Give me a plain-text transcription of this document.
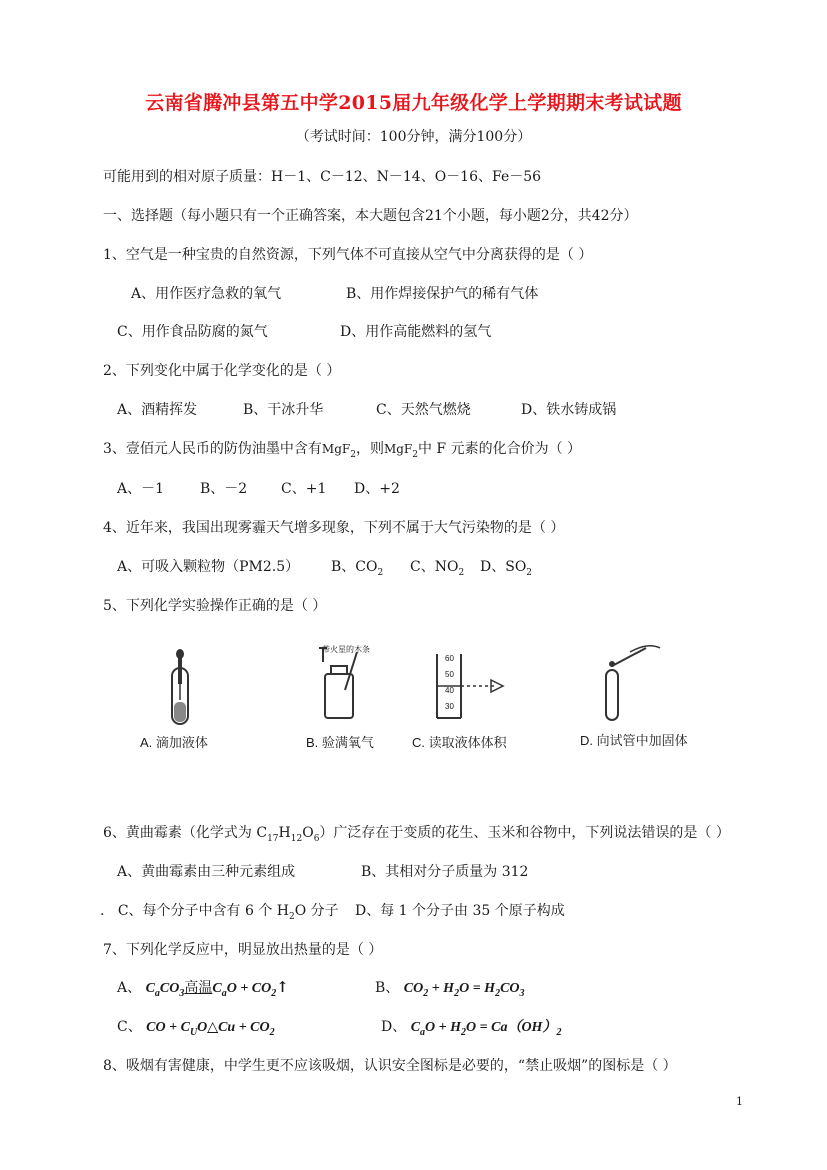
云南省腾冲县第五中学2015届九年级化学上学期期末考试试题
（考试时间：100分钟，满分100分）
可能用到的相对原子质量：H－1、C－12、N－14、O－16、Fe－56
一、选择题（每小题只有一个正确答案，本大题包含21个小题，每小题2分，共42分）
1、空气是一种宝贵的自然资源，下列气体不可直接从空气中分离获得的是（ ）
A、用作医疗急救的氧气	B、用作焊接保护气的稀有气体
C、用作食品防腐的氮气	D、用作高能燃料的氢气
2、下列变化中属于化学变化的是（ ）
A、酒精挥发	B、干冰升华	C、天然气燃烧	D、铁水铸成锅
3、壹佰元人民币的防伪油墨中含有MgF$_2$，则MgF$_2$中 F 元素的化合价为（ ）
A、－1	B、－2 C、+1 D、+2
4、近年来，我国出现雾霾天气增多现象，下列不属于大气污染物的是（ ）
A、可吸入颗粒物（PM2.5） B、$CO_2$ C、$NO_2$ D、$SO_2$
5、下列化学实验操作正确的是（ ）
A. 滴加液体
带火星的木条
B. 验满氧气
60
50
40
30
C. 读取液体体积	D. 向试管中加固体
6、黄曲霉素（化学式为 $C_{17}H_{12}O_6$）广泛存在于变质的花生、玉米和谷物中，下列说法错误的是（ ）
A、黄曲霉素由三种元素组成	B、其相对分子质量为 312
. C、每个分子中含有 6 个 $H_2O$ 分子 D、每 1 个分子由 35 个原子构成
7、下列化学反应中，明显放出热量的是（ ）
A、 $C_aCO_3$高温$C_aO$ + $CO_2↑$	B、 $CO_2 + H_2O = H_2CO_3$
C、 CO + $C_UO\triangle Cu + CO_2$	D、 $C_aO + H_2O = Ca(OH)_2$
8、吸烟有害健康，中学生更不应该吸烟，认识安全图标是必要的，“禁止吸烟”的图标是（ ）
1
